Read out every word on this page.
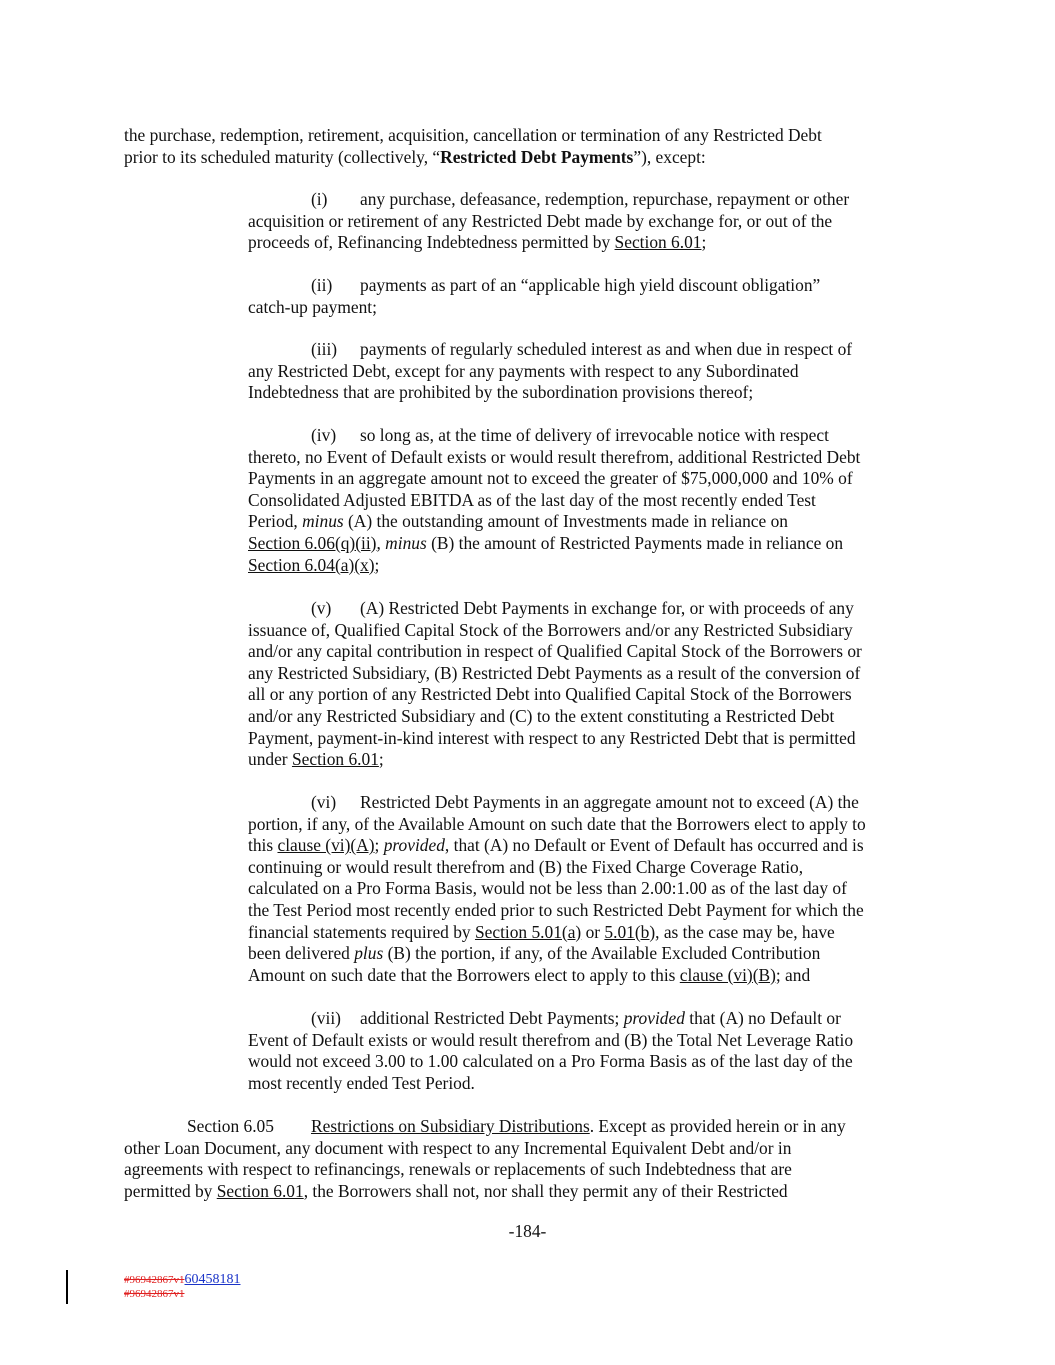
the purchase, redemption, retirement, acquisition, cancellation or termination of any Restricted Debt
prior to its scheduled maturity (collectively, “Restricted Debt Payments”), except:
(i) any purchase, defeasance, redemption, repurchase, repayment or other
acquisition or retirement of any Restricted Debt made by exchange for, or out of the
proceeds of, Refinancing Indebtedness permitted by Section 6.01;
(ii) payments as part of an “applicable high yield discount obligation”
catch-up payment;
(iii) payments of regularly scheduled interest as and when due in respect of
any Restricted Debt, except for any payments with respect to any Subordinated
Indebtedness that are prohibited by the subordination provisions thereof;
(iv) so long as, at the time of delivery of irrevocable notice with respect
thereto, no Event of Default exists or would result therefrom, additional Restricted Debt
Payments in an aggregate amount not to exceed the greater of $75,000,000 and 10% of
Consolidated Adjusted EBITDA as of the last day of the most recently ended Test
Period, minus (A) the outstanding amount of Investments made in reliance on
Section 6.06(q)(ii), minus (B) the amount of Restricted Payments made in reliance on
Section 6.04(a)(x);
(v) (A) Restricted Debt Payments in exchange for, or with proceeds of any
issuance of, Qualified Capital Stock of the Borrowers and/or any Restricted Subsidiary
and/or any capital contribution in respect of Qualified Capital Stock of the Borrowers or
any Restricted Subsidiary, (B) Restricted Debt Payments as a result of the conversion of
all or any portion of any Restricted Debt into Qualified Capital Stock of the Borrowers
and/or any Restricted Subsidiary and (C) to the extent constituting a Restricted Debt
Payment, payment-in-kind interest with respect to any Restricted Debt that is permitted
under Section 6.01;
(vi) Restricted Debt Payments in an aggregate amount not to exceed (A) the
portion, if any, of the Available Amount on such date that the Borrowers elect to apply to
this clause (vi)(A); provided, that (A) no Default or Event of Default has occurred and is
continuing or would result therefrom and (B) the Fixed Charge Coverage Ratio,
calculated on a Pro Forma Basis, would not be less than 2.00:1.00 as of the last day of
the Test Period most recently ended prior to such Restricted Debt Payment for which the
financial statements required by Section 5.01(a) or 5.01(b), as the case may be, have
been delivered plus (B) the portion, if any, of the Available Excluded Contribution
Amount on such date that the Borrowers elect to apply to this clause (vi)(B); and
(vii) additional Restricted Debt Payments; provided that (A) no Default or
Event of Default exists or would result therefrom and (B) the Total Net Leverage Ratio
would not exceed 3.00 to 1.00 calculated on a Pro Forma Basis as of the last day of the
most recently ended Test Period.
Section 6.05 Restrictions on Subsidiary Distributions. Except as provided herein or in any
other Loan Document, any document with respect to any Incremental Equivalent Debt and/or in
agreements with respect to refinancings, renewals or replacements of such Indebtedness that are
permitted by Section 6.01, the Borrowers shall not, nor shall they permit any of their Restricted
-184-
#96942867v160458181
#96942867v1
